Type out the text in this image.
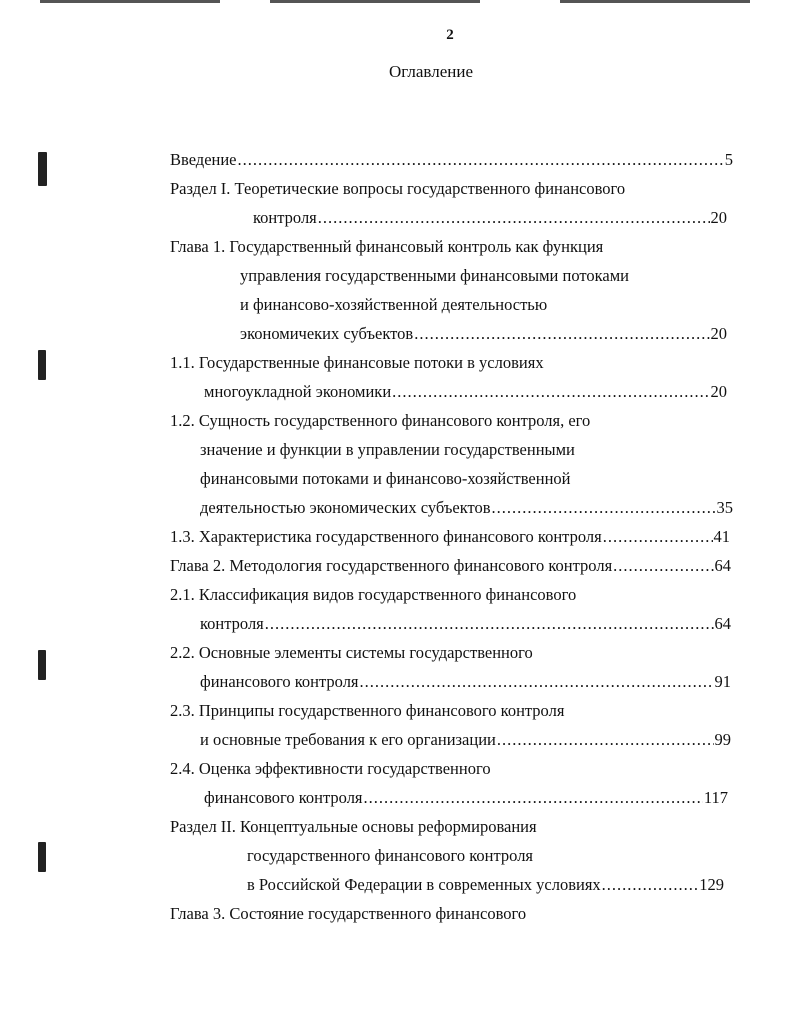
2
Оглавление
Введение .....	5
Раздел I. Теоретические вопросы государственного финансового
контроля .....	20
Глава 1. Государственный финансовый контроль как функция
управления государственными финансовыми потоками
и финансово-хозяйственной деятельностью
экономичеких субъектов .....	20
1.1. Государственные финансовые потоки в условиях
многоукладной экономики .....	20
1.2. Сущность государственного финансового контроля, его
значение и функции в управлении государственными
финансовыми потоками и финансово-хозяйственной
деятельностью экономических субъектов .....	35
1.3. Характеристика государственного финансового контроля .....	41
Глава 2. Методология государственного финансового контроля .....	64
2.1. Классификация видов государственного финансового
контроля .....	64
2.2. Основные элементы системы государственного
финансового контроля .....	91
2.3. Принципы государственного финансового контроля
и основные требования к его организации .....	99
2.4. Оценка эффективности государственного
финансового контроля .....	117
Раздел II. Концептуальные основы реформирования
государственного финансового контроля
в Российской Федерации в современных условиях .....	129
Глава 3. Состояние государственного финансового
